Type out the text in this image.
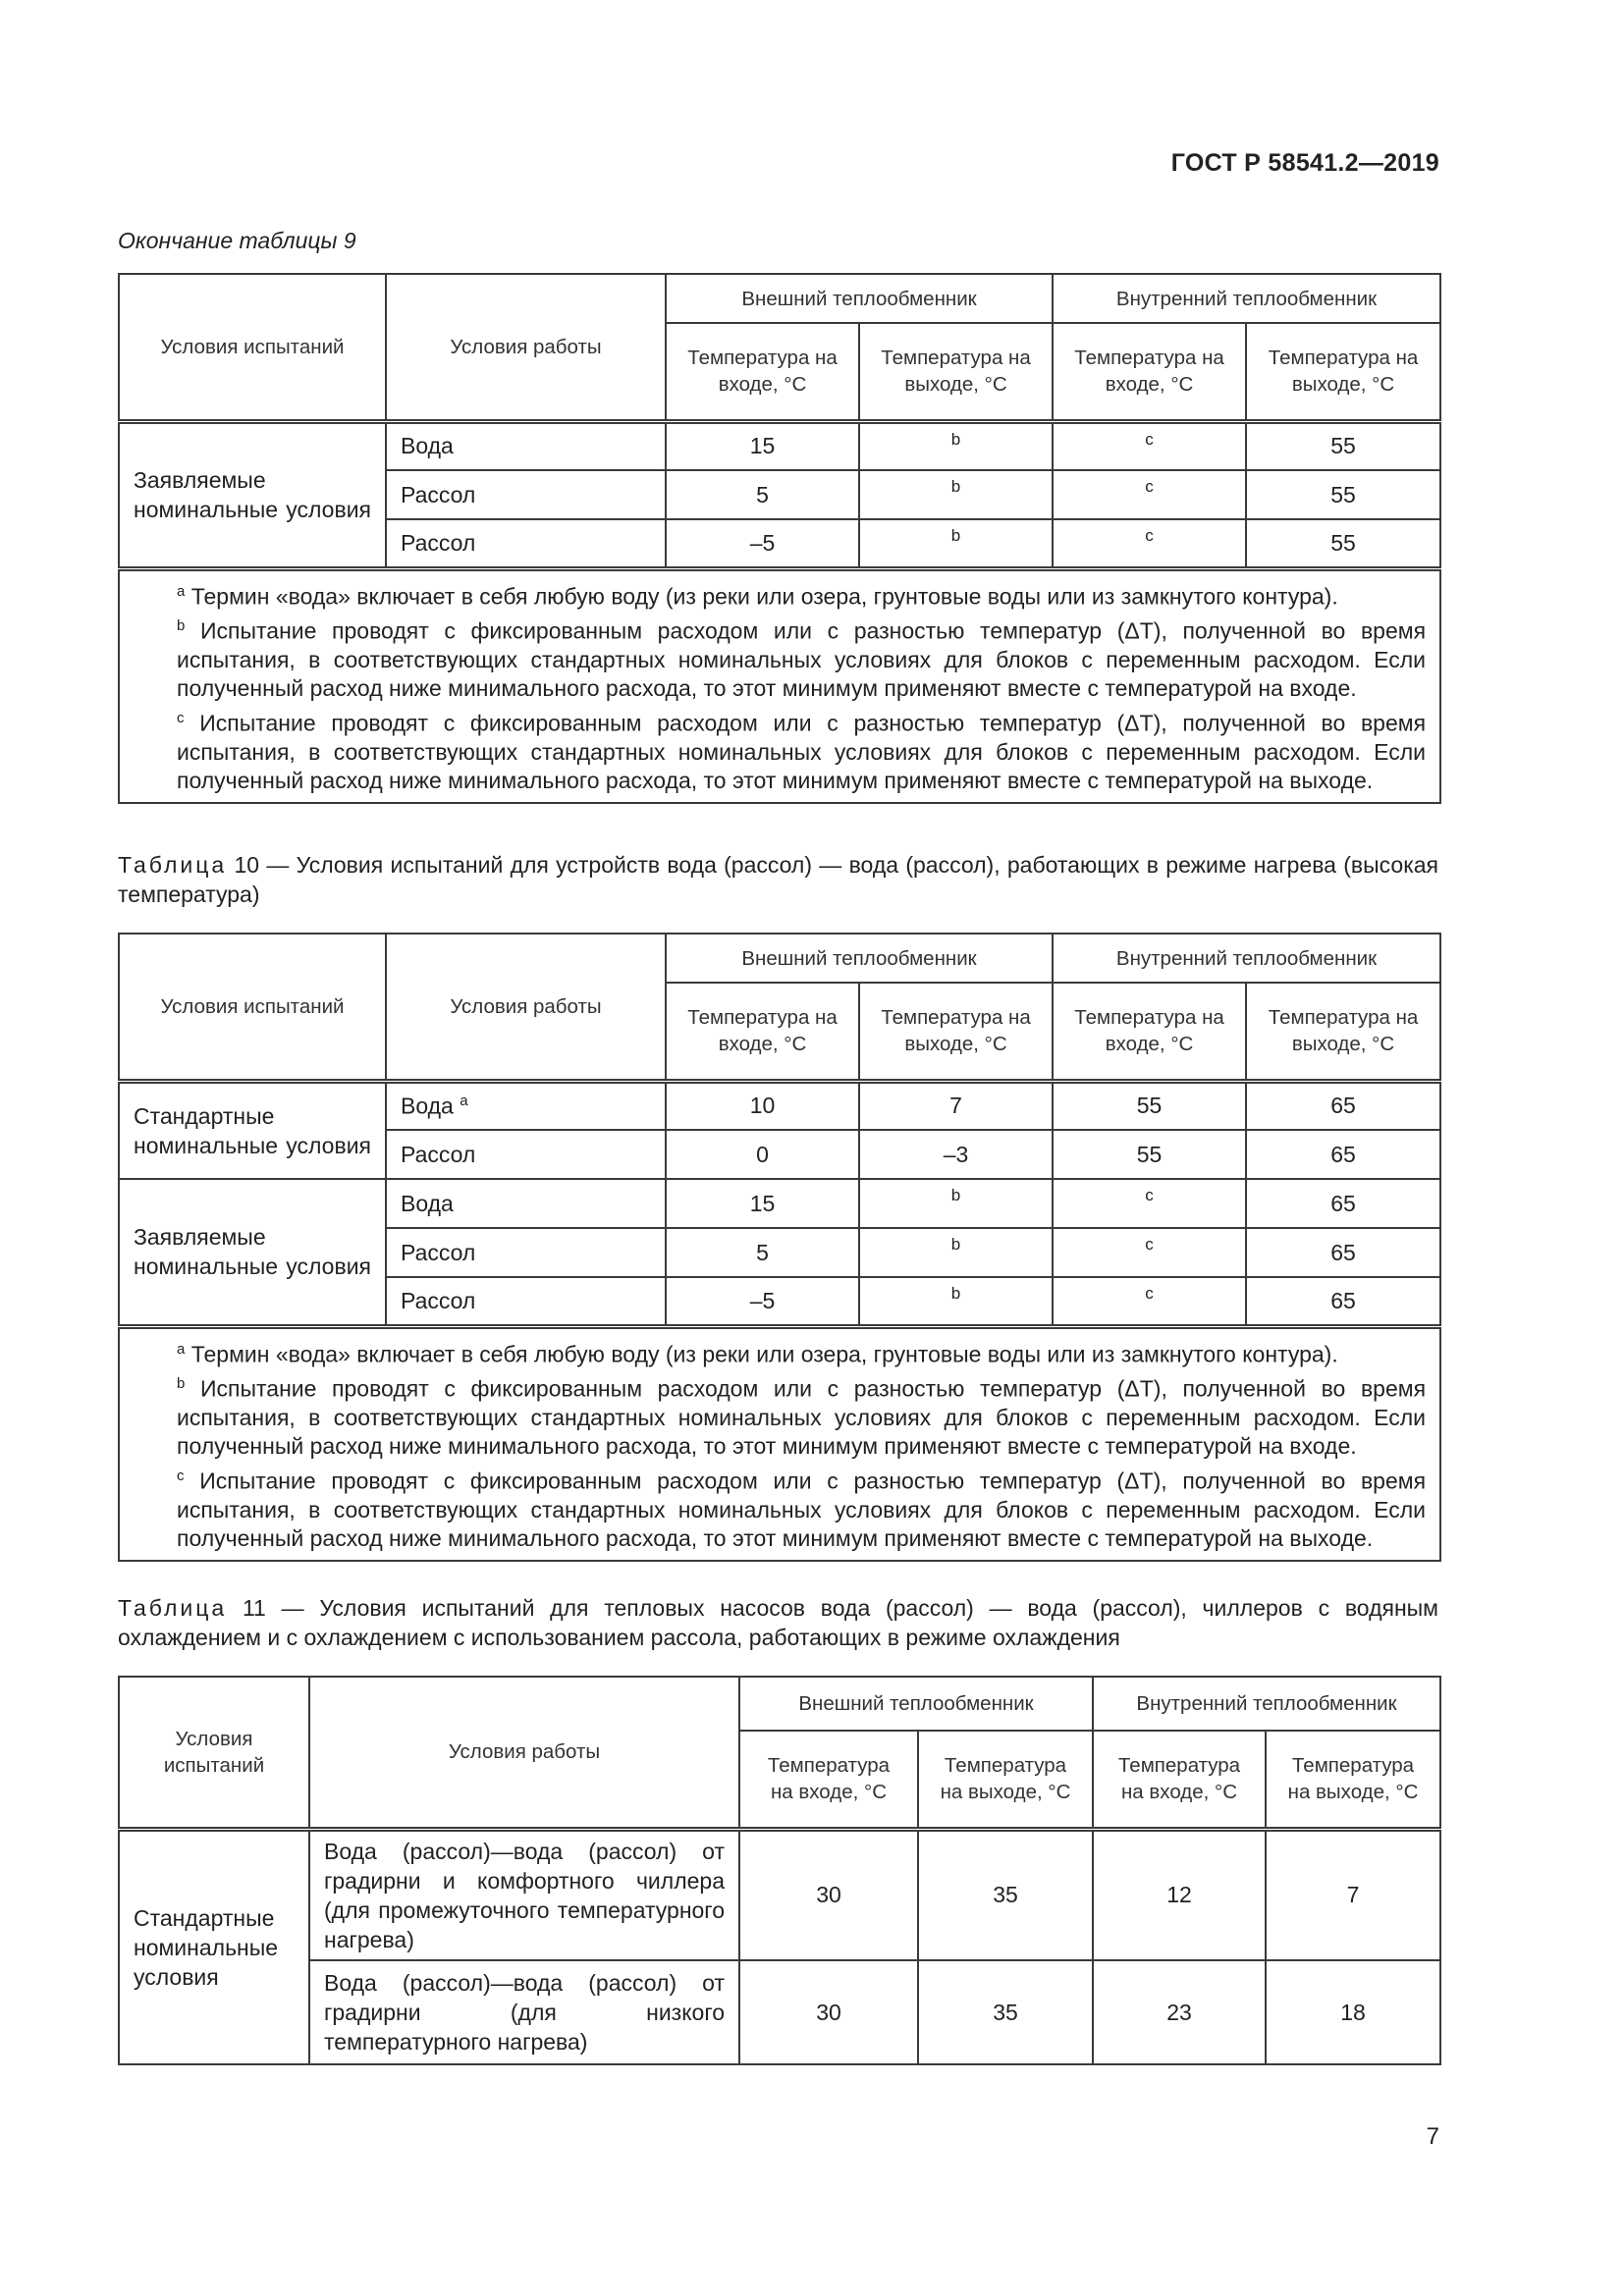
ГОСТ Р 58541.2—2019
Окончание таблицы 9
Условия испытаний	Условия работы	Внешний теплообменник		Внутренний теплообменник	
		Температура на входе, °С	Температура на выходе, °С	Температура на входе, °С	Температура на выходе, °С
Заявляемые номинальные условия	Вода	15	b	c	55
	Рассол	5	b	c	55
	Рассол	–5	b	c	55

$^a$ Термин «вода» включает в себя любую воду (из реки или озера, грунтовые воды или из замкнутого контура).

$^b$ Испытание проводят с фиксированным расходом или с разностью температур (ΔT), полученной во время испытания, в соответствующих стандартных номинальных условиях для блоков с переменным расходом. Если полученный расход ниже минимального расхода, то этот минимум применяют вместе с температурой на входе.

$^c$ Испытание проводят с фиксированным расходом или с разностью температур (ΔT), полученной во время испытания, в соответствующих стандартных номинальных условиях для блоков с переменным расходом. Если полученный расход ниже минимального расхода, то этот минимум применяют вместе с температурой на выходе.					

Таблица 10 — Условия испытаний для устройств вода (рассол) — вода (рассол), работающих в режиме нагрева (высокая температура)
Условия испытаний	Условия работы	Внешний теплообменник		Внутренний теплообменник	
		Температура на входе, °С	Температура на выходе, °С	Температура на входе, °С	Температура на выходе, °С
Стандартные номинальные условия	Вода $^a$	10	7	55	65
	Рассол	0	–3	55	65
Заявляемые номинальные условия	Вода	15	b	c	65
	Рассол	5	b	c	65
	Рассол	–5	b	c	65

$^a$ Термин «вода» включает в себя любую воду (из реки или озера, грунтовые воды или из замкнутого контура).

$^b$ Испытание проводят с фиксированным расходом или с разностью температур (ΔT), полученной во время испытания, в соответствующих стандартных номинальных условиях для блоков с переменным расходом. Если полученный расход ниже минимального расхода, то этот минимум применяют вместе с температурой на входе.

$^c$ Испытание проводят с фиксированным расходом или с разностью температур (ΔT), полученной во время испытания, в соответствующих стандартных номинальных условиях для блоков с переменным расходом. Если полученный расход ниже минимального расхода, то этот минимум применяют вместе с температурой на выходе.					

Таблица 11 — Условия испытаний для тепловых насосов вода (рассол) — вода (рассол), чиллеров с водяным охлаждением и с охлаждением с использованием рассола, работающих в режиме охлаждения
Условия испытаний	Условия работы	Внешний теплообменник		Внутренний теплообменник	
		Температура на входе, °С	Температура на выходе, °С	Температура на входе, °С	Температура на выходе, °С
Стандартные номинальные условия	Вода (рассол)—вода (рассол) от градирни и комфортного чиллера (для промежуточного температурного нагрева)	30	35	12	7
	Вода (рассол)—вода (рассол) от градирни (для низкого температурного нагрева)	30	35	23	18
7
